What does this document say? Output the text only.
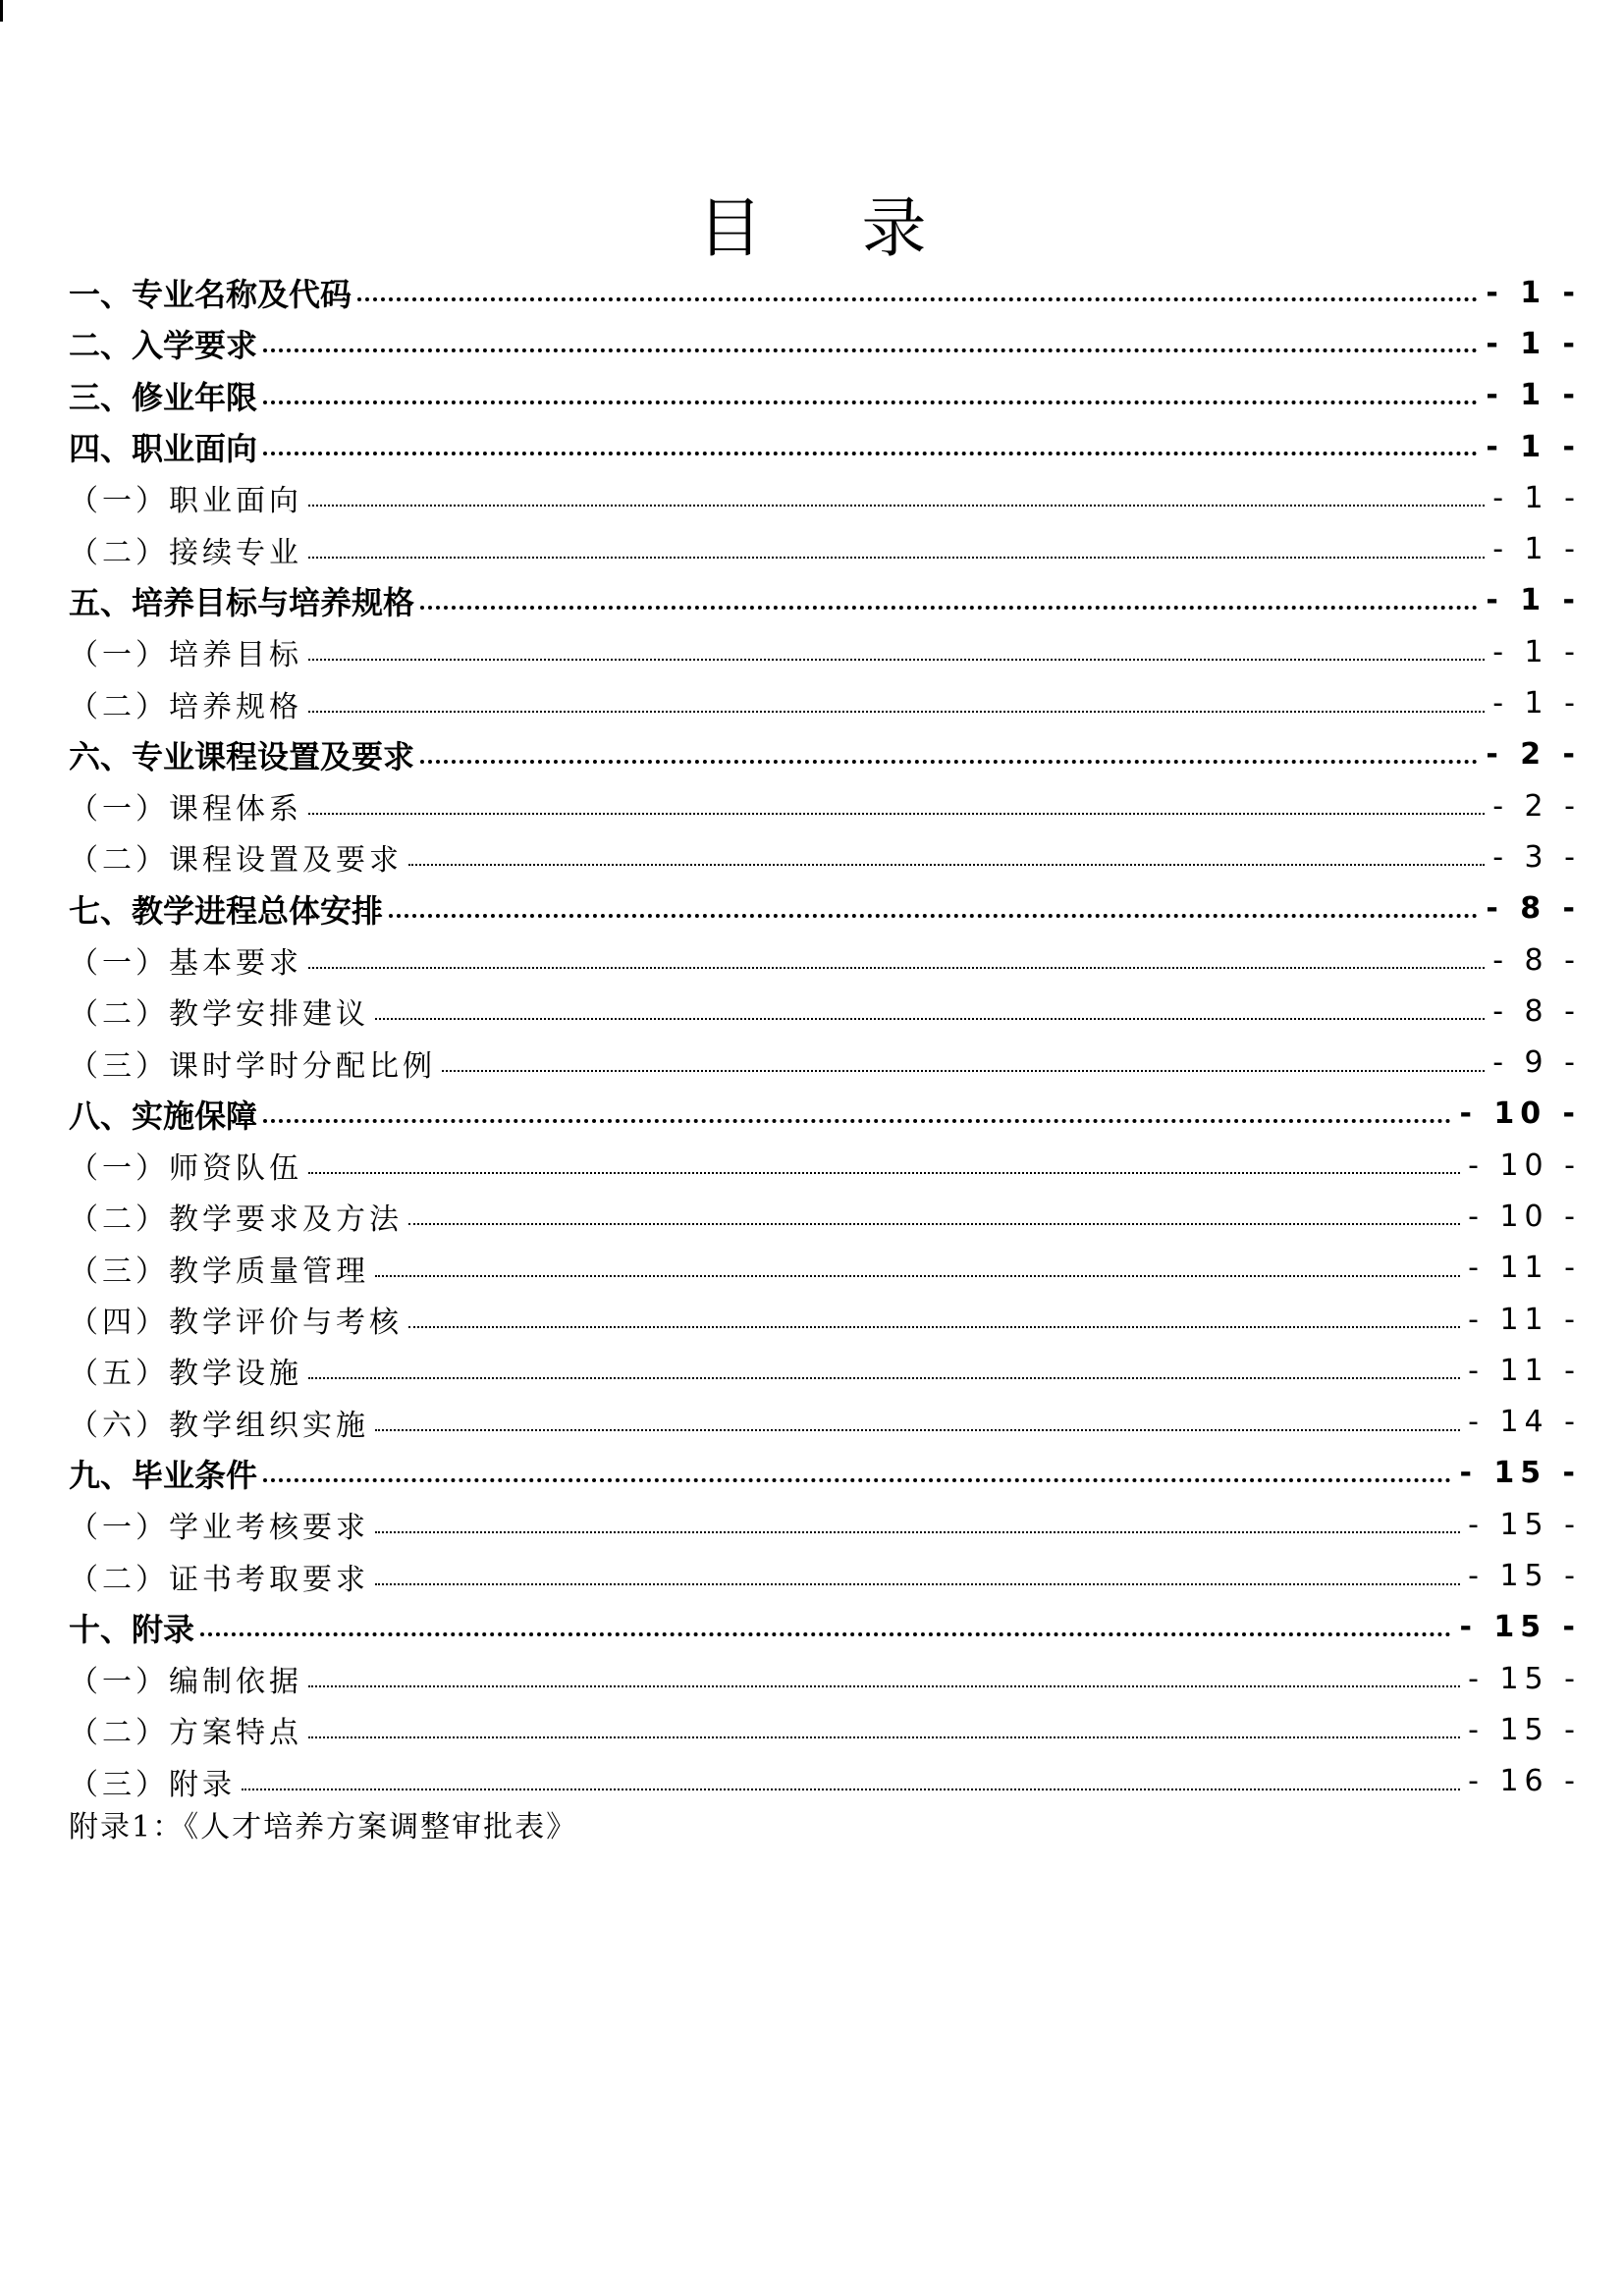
目 录
一、专业名称及代码	- 1 -
二、入学要求	- 1 -
三、修业年限	- 1 -
四、职业面向	- 1 -
（一）职业面向	- 1 -
（二）接续专业	- 1 -
五、培养目标与培养规格	- 1 -
（一）培养目标	- 1 -
（二）培养规格	- 1 -
六、专业课程设置及要求	- 2 -
（一）课程体系	- 2 -
（二）课程设置及要求	- 3 -
七、教学进程总体安排	- 8 -
（一）基本要求	- 8 -
（二）教学安排建议	- 8 -
（三）课时学时分配比例	- 9 -
八、实施保障	- 10 -
（一）师资队伍	- 10 -
（二）教学要求及方法	- 10 -
（三）教学质量管理	- 11 -
（四）教学评价与考核	- 11 -
（五）教学设施	- 11 -
（六）教学组织实施	- 14 -
九、毕业条件	- 15 -
（一）学业考核要求	- 15 -
（二）证书考取要求	- 15 -
十、附录	- 15 -
（一）编制依据	- 15 -
（二）方案特点	- 15 -
（三）附录	- 16 -
附录1：《人才培养方案调整审批表》
